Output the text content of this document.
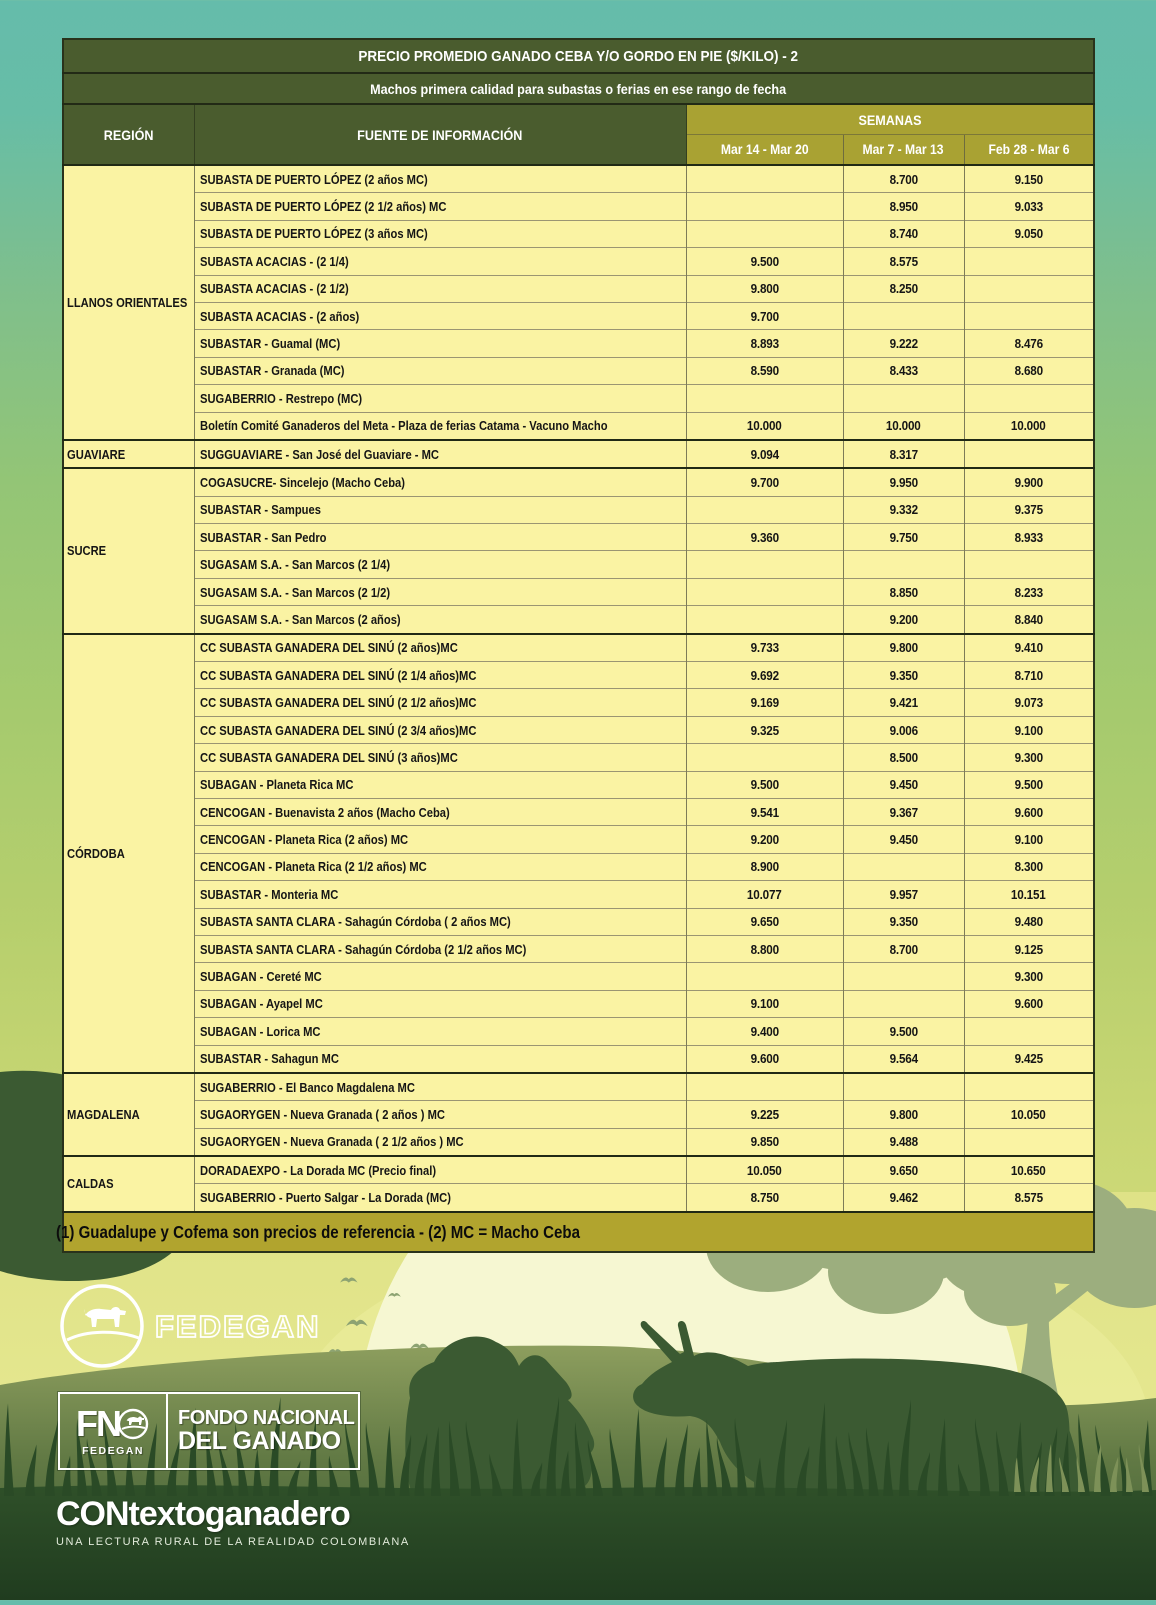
PRECIO PROMEDIO GANADO CEBA Y/O GORDO EN PIE ($/KILO) - 2				
Machos primera calidad para subastas o ferias en ese rango de fecha				
REGIÓN	FUENTE DE INFORMACIÓN	SEMANAS		
		Mar 14 - Mar 20	Mar 7 - Mar 13	Feb 28 - Mar 6
LLANOS ORIENTALES	SUBASTA DE PUERTO LÓPEZ (2 años MC)		8.700	9.150
	SUBASTA DE PUERTO LÓPEZ (2 1/2 años) MC		8.950	9.033
	SUBASTA DE PUERTO LÓPEZ (3 años MC)		8.740	9.050
	SUBASTA ACACIAS - (2 1/4)	9.500	8.575	
	SUBASTA ACACIAS - (2 1/2)	9.800	8.250	
	SUBASTA ACACIAS - (2 años)	9.700		
	SUBASTAR - Guamal (MC)	8.893	9.222	8.476
	SUBASTAR - Granada (MC)	8.590	8.433	8.680
	SUGABERRIO - Restrepo (MC)			
	Boletín Comité Ganaderos del Meta - Plaza de ferias Catama - Vacuno Macho	10.000	10.000	10.000
GUAVIARE	SUGGUAVIARE - San José del Guaviare - MC	9.094	8.317	
SUCRE	COGASUCRE- Sincelejo (Macho Ceba)	9.700	9.950	9.900
	SUBASTAR - Sampues		9.332	9.375
	SUBASTAR - San Pedro	9.360	9.750	8.933
	SUGASAM S.A. - San Marcos (2 1/4)			
	SUGASAM S.A. - San Marcos (2 1/2)		8.850	8.233
	SUGASAM S.A. - San Marcos (2 años)		9.200	8.840
CÓRDOBA	CC SUBASTA GANADERA DEL SINÚ (2 años)MC	9.733	9.800	9.410
	CC SUBASTA GANADERA DEL SINÚ (2 1/4 años)MC	9.692	9.350	8.710
	CC SUBASTA GANADERA DEL SINÚ (2 1/2 años)MC	9.169	9.421	9.073
	CC SUBASTA GANADERA DEL SINÚ (2 3/4 años)MC	9.325	9.006	9.100
	CC SUBASTA GANADERA DEL SINÚ (3 años)MC		8.500	9.300
	SUBAGAN - Planeta Rica MC	9.500	9.450	9.500
	CENCOGAN - Buenavista 2 años (Macho Ceba)	9.541	9.367	9.600
	CENCOGAN - Planeta Rica (2 años) MC	9.200	9.450	9.100
	CENCOGAN - Planeta Rica (2 1/2 años) MC	8.900		8.300
	SUBASTAR - Monteria MC	10.077	9.957	10.151
	SUBASTA SANTA CLARA - Sahagún Córdoba ( 2 años MC)	9.650	9.350	9.480
	SUBASTA SANTA CLARA - Sahagún Córdoba (2 1/2 años MC)	8.800	8.700	9.125
	SUBAGAN - Cereté MC			9.300
	SUBAGAN - Ayapel MC	9.100		9.600
	SUBAGAN - Lorica MC	9.400	9.500	
	SUBASTAR - Sahagun MC	9.600	9.564	9.425
MAGDALENA	SUGABERRIO - El Banco Magdalena MC			
	SUGAORYGEN - Nueva Granada ( 2 años ) MC	9.225	9.800	10.050
	SUGAORYGEN - Nueva Granada ( 2 1/2 años ) MC	9.850	9.488	
CALDAS	DORADAEXPO - La Dorada MC (Precio final)	10.050	9.650	10.650
	SUGABERRIO - Puerto Salgar - La Dorada (MC)	8.750	9.462	8.575

(1) Guadalupe y Cofema son precios de referencia - (2) MC = Macho Ceba
FEDEGAN
FN
FEDEGAN
FONDO NACIONAL
DEL GANADO
CONtextoganadero
UNA LECTURA RURAL DE LA REALIDAD COLOMBIANA
